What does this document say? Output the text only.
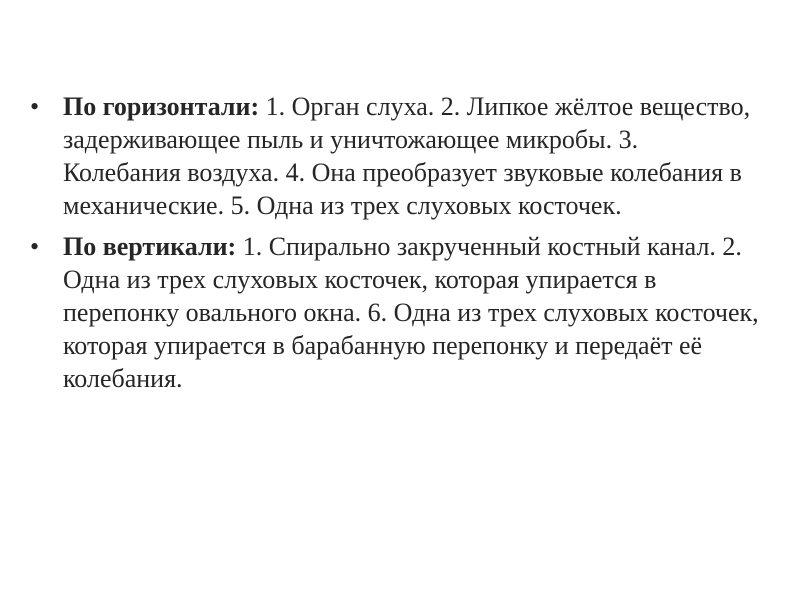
• По горизонтали: 1. Орган слуха. 2. Липкое жёлтое вещество, задерживающее пыль и уничтожающее микробы. 3. Колебания воздуха. 4. Она преобразует звуковые колебания в механические. 5. Одна из трех слуховых косточек.
• По вертикали: 1. Спирально закрученный костный канал. 2. Одна из трех слуховых косточек, которая упирается в перепонку овального окна. 6. Одна из трех слуховых косточек, которая упирается в барабанную перепонку и передаёт её колебания.
